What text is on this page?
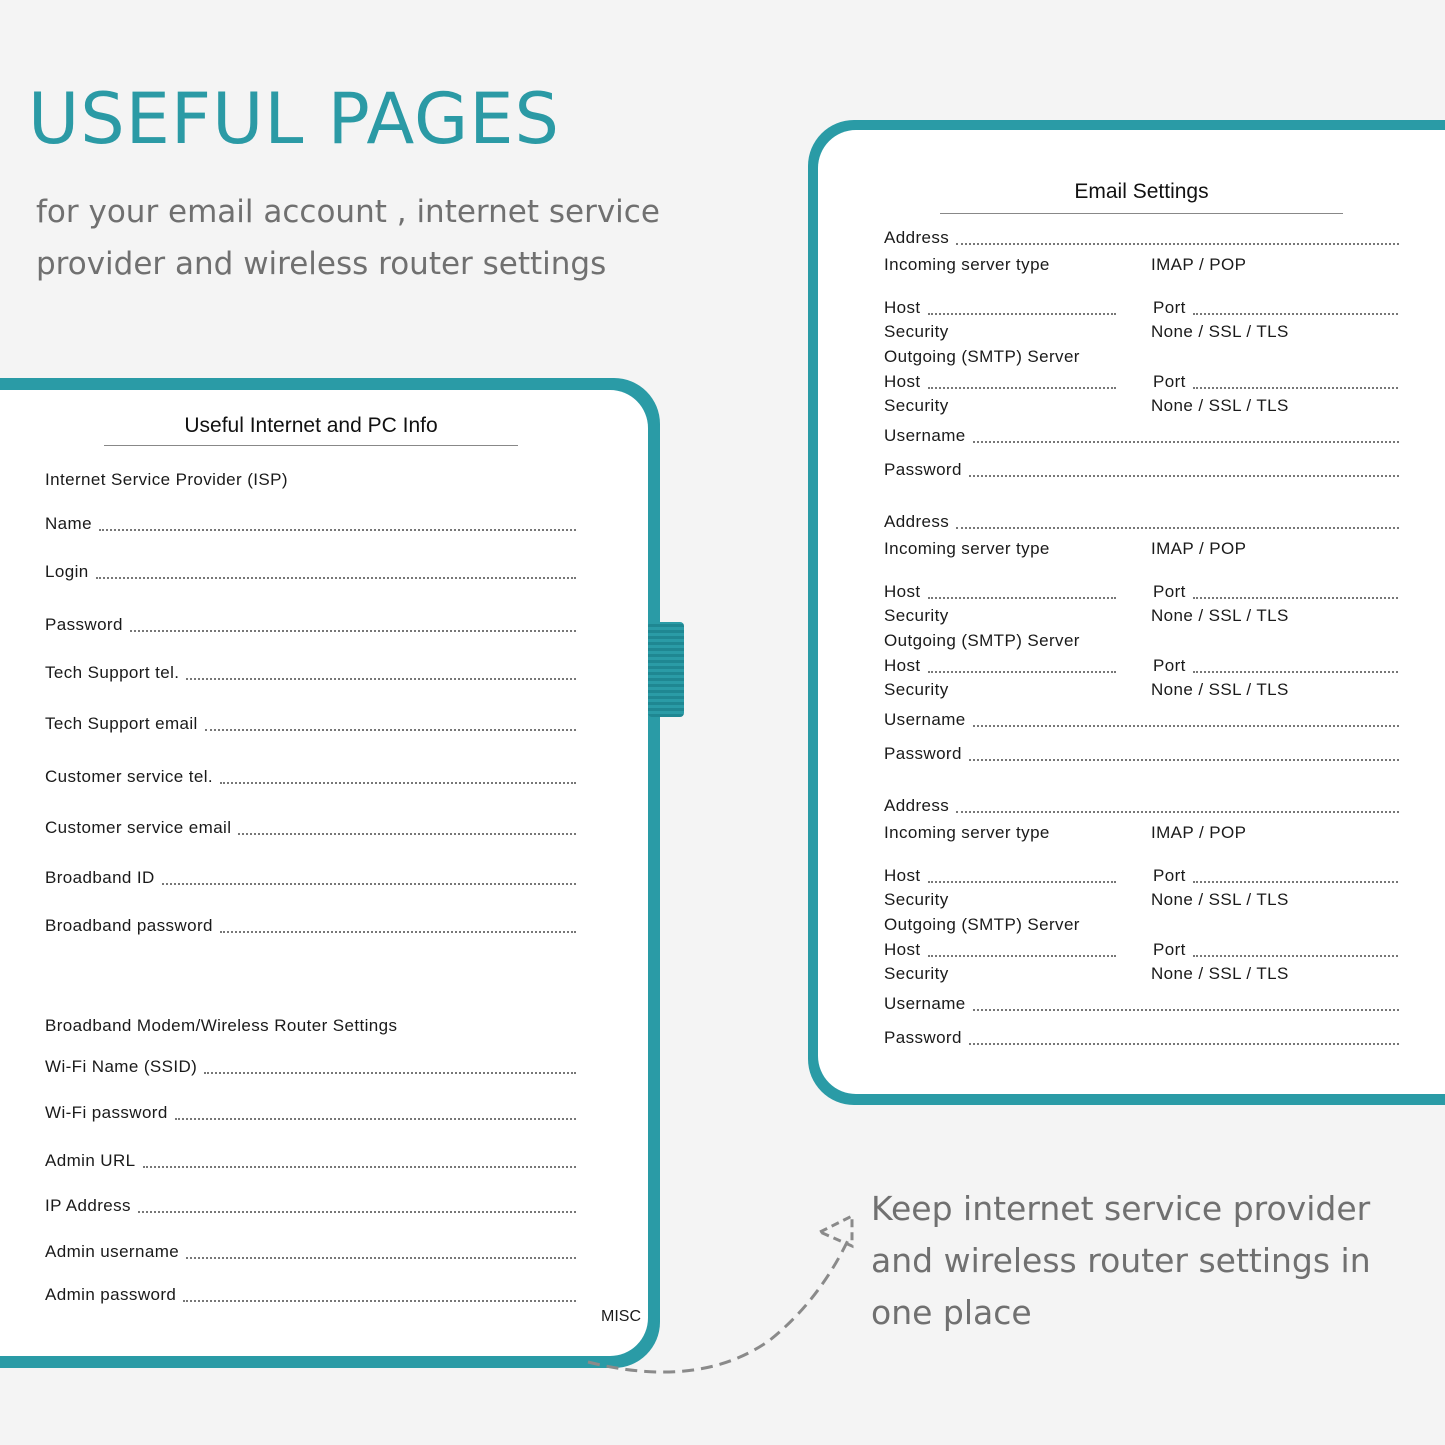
USEFUL PAGES
for your email account , internet service
provider and wireless router settings
Useful Internet and PC Info
Internet Service Provider (ISP)
Name
Login
Password
Tech Support tel.
Tech Support email
Customer service tel.
Customer service email
Broadband ID
Broadband password
Broadband Modem/Wireless Router Settings
Wi-Fi Name (SSID)
Wi-Fi password
Admin URL
IP Address
Admin username
Admin password
MISC
Email Settings
Address
Incoming server type	IMAP / POP
Host	Port
Security	None / SSL / TLS
Outgoing (SMTP) Server
Host	Port
Security	None / SSL / TLS
Username
Password
Address
Incoming server type	IMAP / POP
Host	Port
Security	None / SSL / TLS
Outgoing (SMTP) Server
Host	Port
Security	None / SSL / TLS
Username
Password
Address
Incoming server type	IMAP / POP
Host	Port
Security	None / SSL / TLS
Outgoing (SMTP) Server
Host	Port
Security	None / SSL / TLS
Username
Password
Keep internet service provider and wireless router settings in one place
